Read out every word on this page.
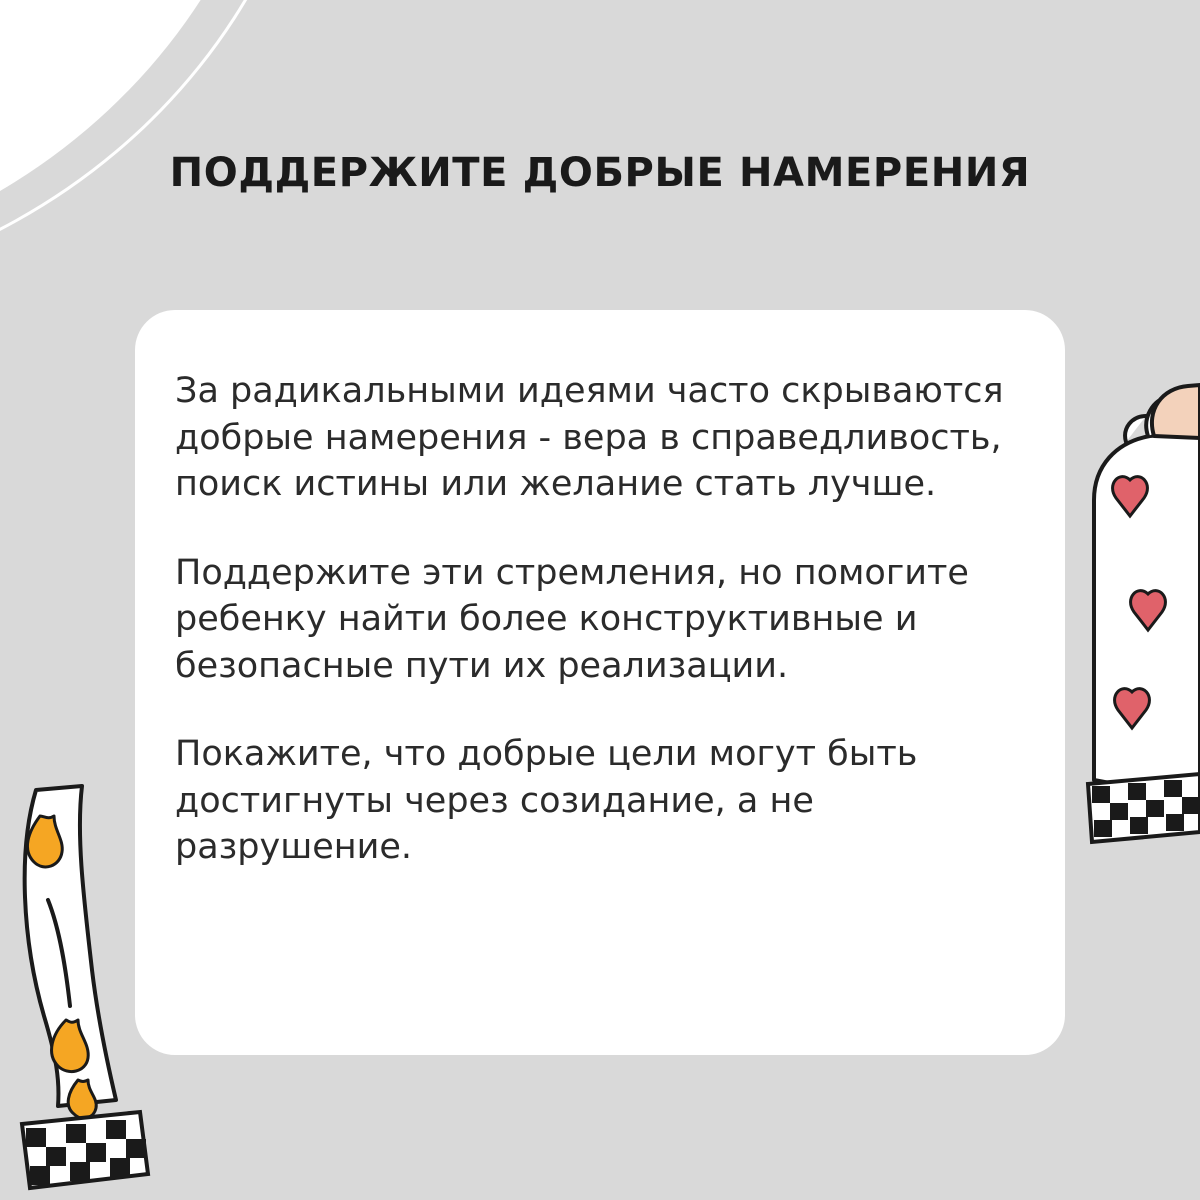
ПОДДЕРЖИТЕ ДОБРЫЕ НАМЕРЕНИЯ

За радикальными идеями часто скрываются добрые намерения - вера в справедливость, поиск истины или желание стать лучше.

Поддержите эти стремления, но помогите ребенку найти более конструктивные и безопасные пути их реализации.

Покажите, что добрые цели могут быть достигнуты через созидание, а не разрушение.
